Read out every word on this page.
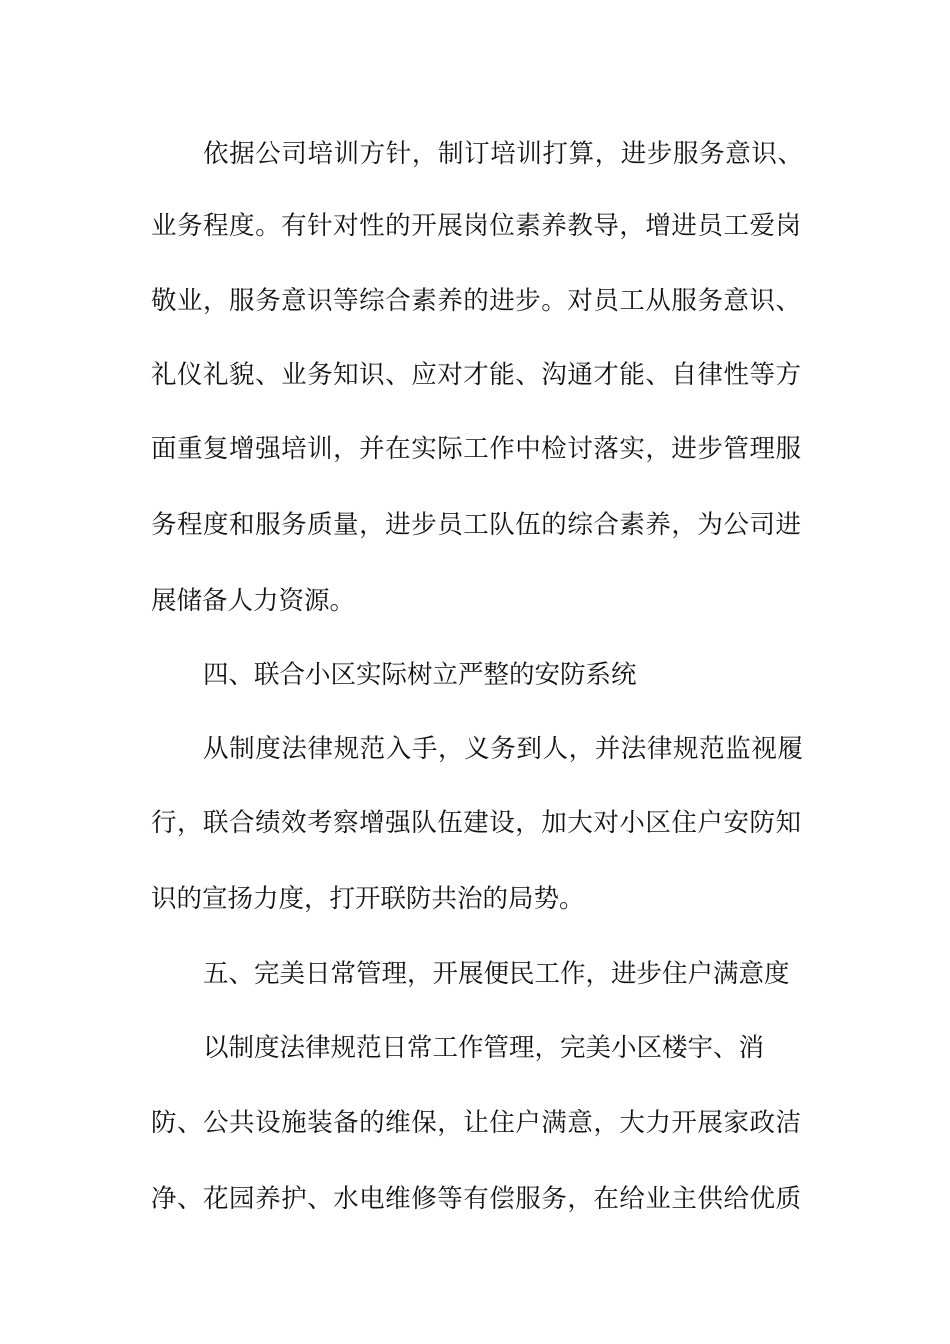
依据公司培训方针，制订培训打算，进步服务意识、
业务程度。有针对性的开展岗位素养教导，增进员工爱岗
敬业，服务意识等综合素养的进步。对员工从服务意识、
礼仪礼貌、业务知识、应对才能、沟通才能、自律性等方
面重复增强培训，并在实际工作中检讨落实，进步管理服
务程度和服务质量，进步员工队伍的综合素养，为公司进
展储备人力资源。
四、联合小区实际树立严整的安防系统
从制度法律规范入手，义务到人，并法律规范监视履
行，联合绩效考察增强队伍建设，加大对小区住户安防知
识的宣扬力度，打开联防共治的局势。
五、完美日常管理，开展便民工作，进步住户满意度
以制度法律规范日常工作管理，完美小区楼宇、消
防、公共设施装备的维保，让住户满意，大力开展家政洁
净、花园养护、水电维修等有偿服务，在给业主供给优质
